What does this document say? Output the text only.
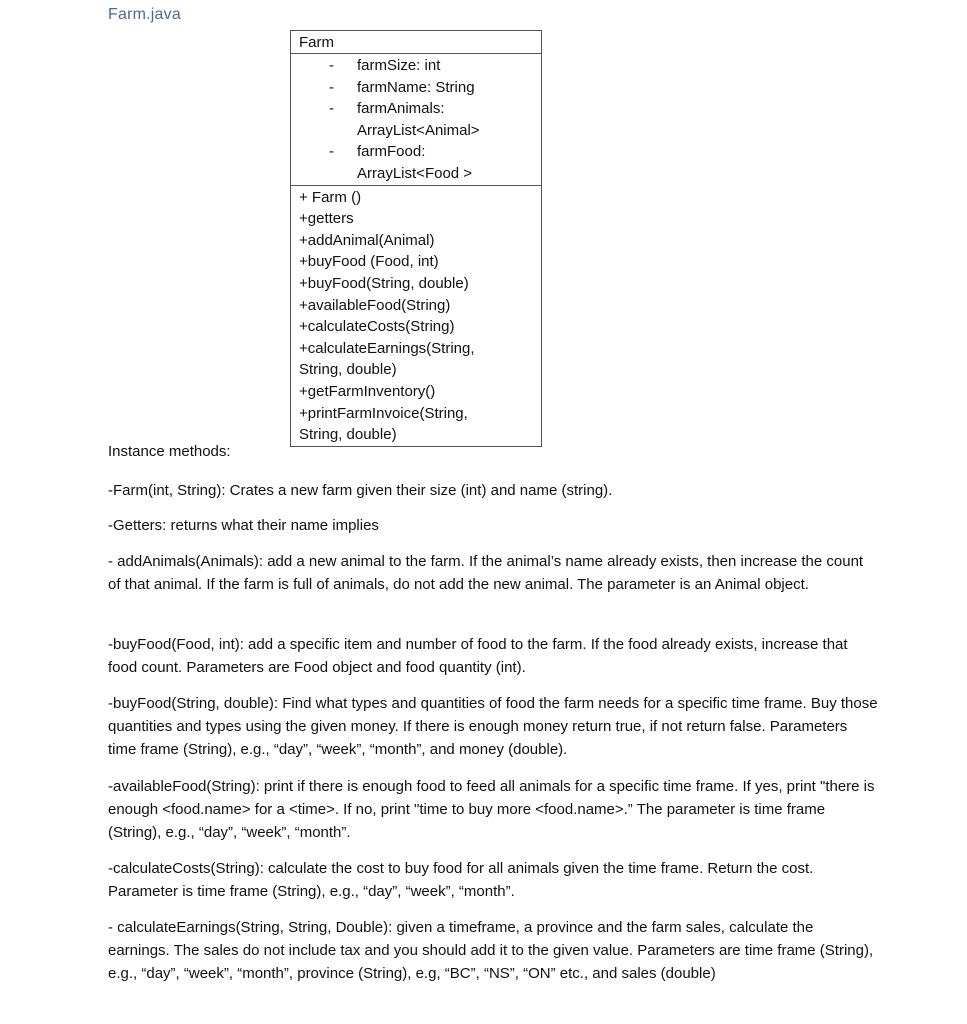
Farm.java
Farm
- farmSize: int
- farmName: String
- farmAnimals: ArrayList<Animal>
- farmFood: ArrayList<Food >
+ Farm ()
+getters
+addAnimal(Animal)
+buyFood (Food, int)
+buyFood(String, double)
+availableFood(String)
+calculateCosts(String)
+calculateEarnings(String, String, double)
+getFarmInventory()
+printFarmInvoice(String, String, double)
Instance methods:

-Farm(int, String): Crates a new farm given their size (int) and name (string).

-Getters: returns what their name implies

- addAnimals(Animals): add a new animal to the farm. If the animal’s name already exists, then increase the count of that animal. If the farm is full of animals, do not add the new animal. The parameter is an Animal object.

-buyFood(Food, int): add a specific item and number of food to the farm. If the food already exists, increase that food count. Parameters are Food object and food quantity (int).

-buyFood(String, double): Find what types and quantities of food the farm needs for a specific time frame. Buy those quantities and types using the given money. If there is enough money return true, if not return false. Parameters time frame (String), e.g., “day”, “week”, “month”, and money (double).

-availableFood(String): print if there is enough food to feed all animals for a specific time frame. If yes, print "there is enough <food.name> for a <time>. If no, print "time to buy more <food.name>.” The parameter is time frame (String), e.g., “day”, “week”, “month”.

-calculateCosts(String): calculate the cost to buy food for all animals given the time frame. Return the cost. Parameter is time frame (String), e.g., “day”, “week”, “month”.

- calculateEarnings(String, String, Double): given a timeframe, a province and the farm sales, calculate the earnings. The sales do not include tax and you should add it to the given value. Parameters are time frame (String), e.g., “day”, “week”, “month”, province (String), e.g, “BC”, “NS”, “ON” etc., and sales (double)
